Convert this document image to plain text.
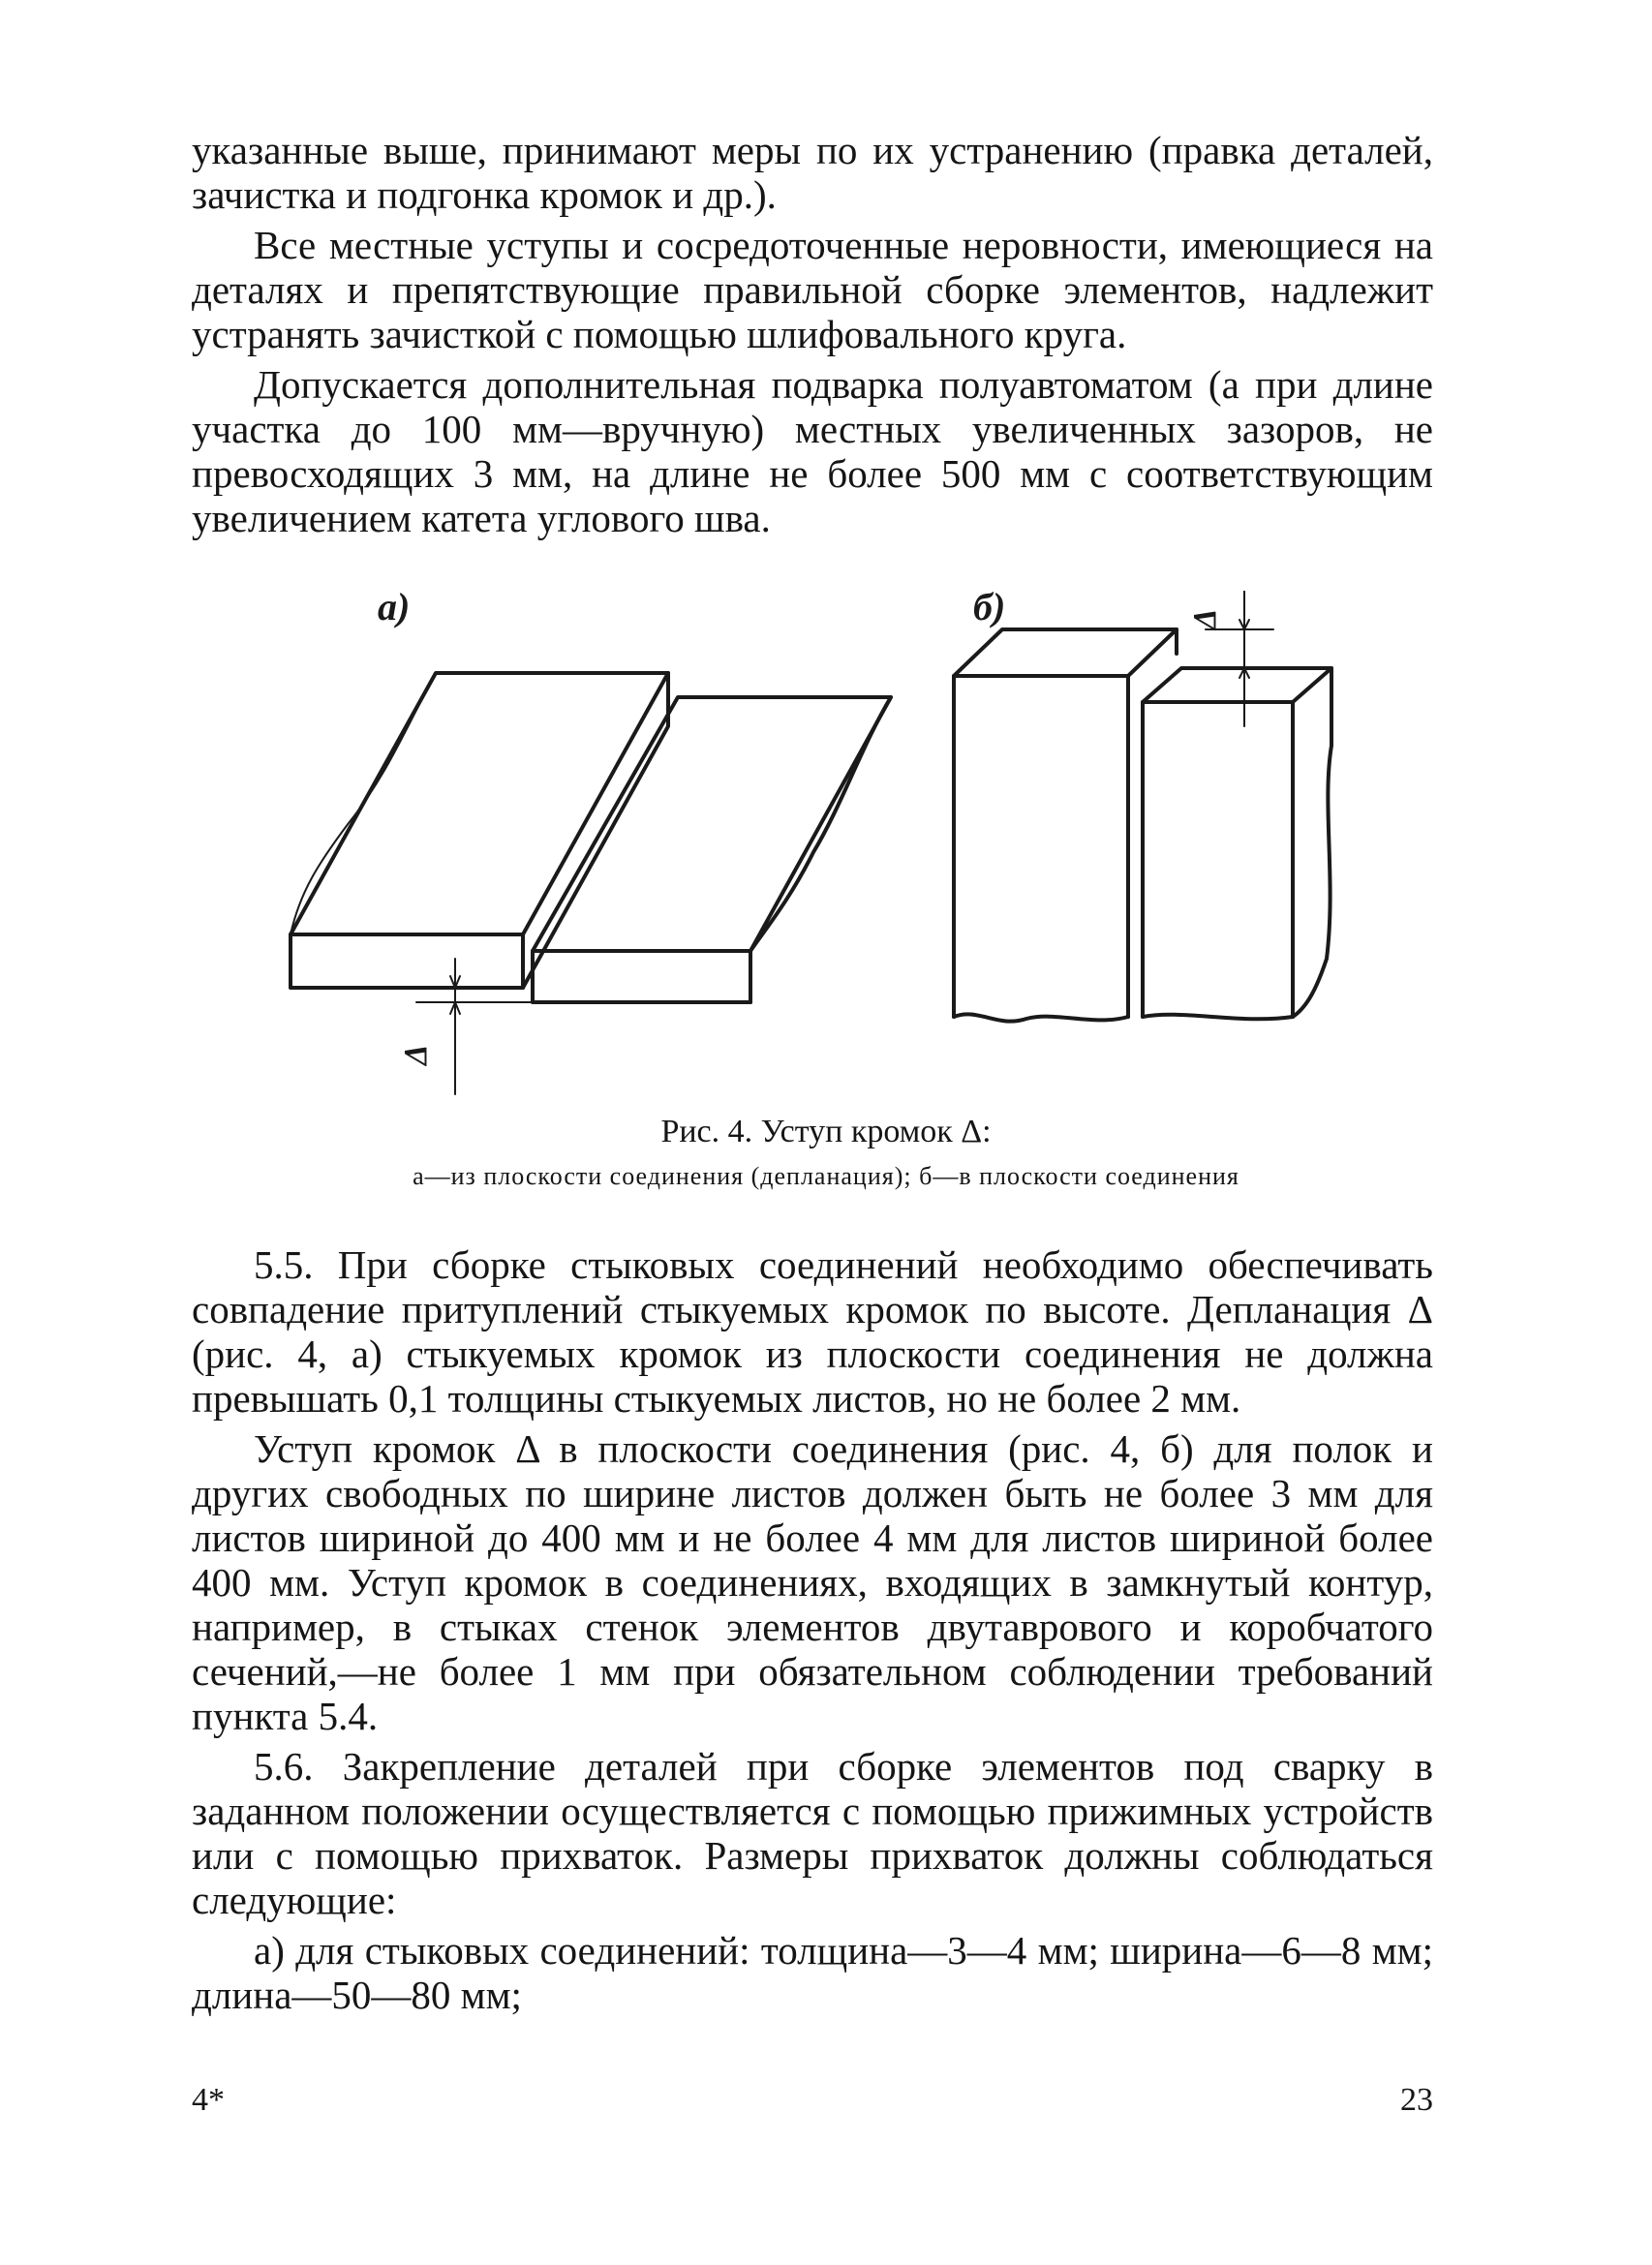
указанные выше, принимают меры по их устранению (правка деталей, зачистка и подгонка кромок и др.).

Все местные уступы и сосредоточенные неровности, имеющиеся на деталях и препятствующие правильной сборке элементов, надлежит устранять зачисткой с помощью шлифовального круга.

Допускается дополнительная подварка полуавтоматом (а при длине участка до 100 мм—вручную) местных увеличенных зазоров, не превосходящих 3 мм, на длине не более 500 мм с соответствующим увеличением катета углового шва.

а)	б)
Δ
Δ
Рис. 4. Уступ кромок Δ:
а—из плоскости соединения (депланация); б—в плоскости соединения

5.5. При сборке стыковых соединений необходимо обеспечивать совпадение притуплений стыкуемых кромок по высоте. Депланация Δ (рис. 4, а) стыкуемых кромок из плоскости соединения не должна превышать 0,1 толщины стыкуемых листов, но не более 2 мм.

Уступ кромок Δ в плоскости соединения (рис. 4, б) для полок и других свободных по ширине листов должен быть не более 3 мм для листов шириной до 400 мм и не более 4 мм для листов шириной более 400 мм. Уступ кромок в соединениях, входящих в замкнутый контур, например, в стыках стенок элементов двутаврового и коробчатого сечений,—не более 1 мм при обязательном соблюдении требований пункта 5.4.

5.6. Закрепление деталей при сборке элементов под сварку в заданном положении осуществляется с помощью прижимных устройств или с помощью прихваток. Размеры прихваток должны соблюдаться следующие:

а) для стыковых соединений: толщина—3—4 мм; ширина—6—8 мм; длина—50—80 мм;

4*	23
